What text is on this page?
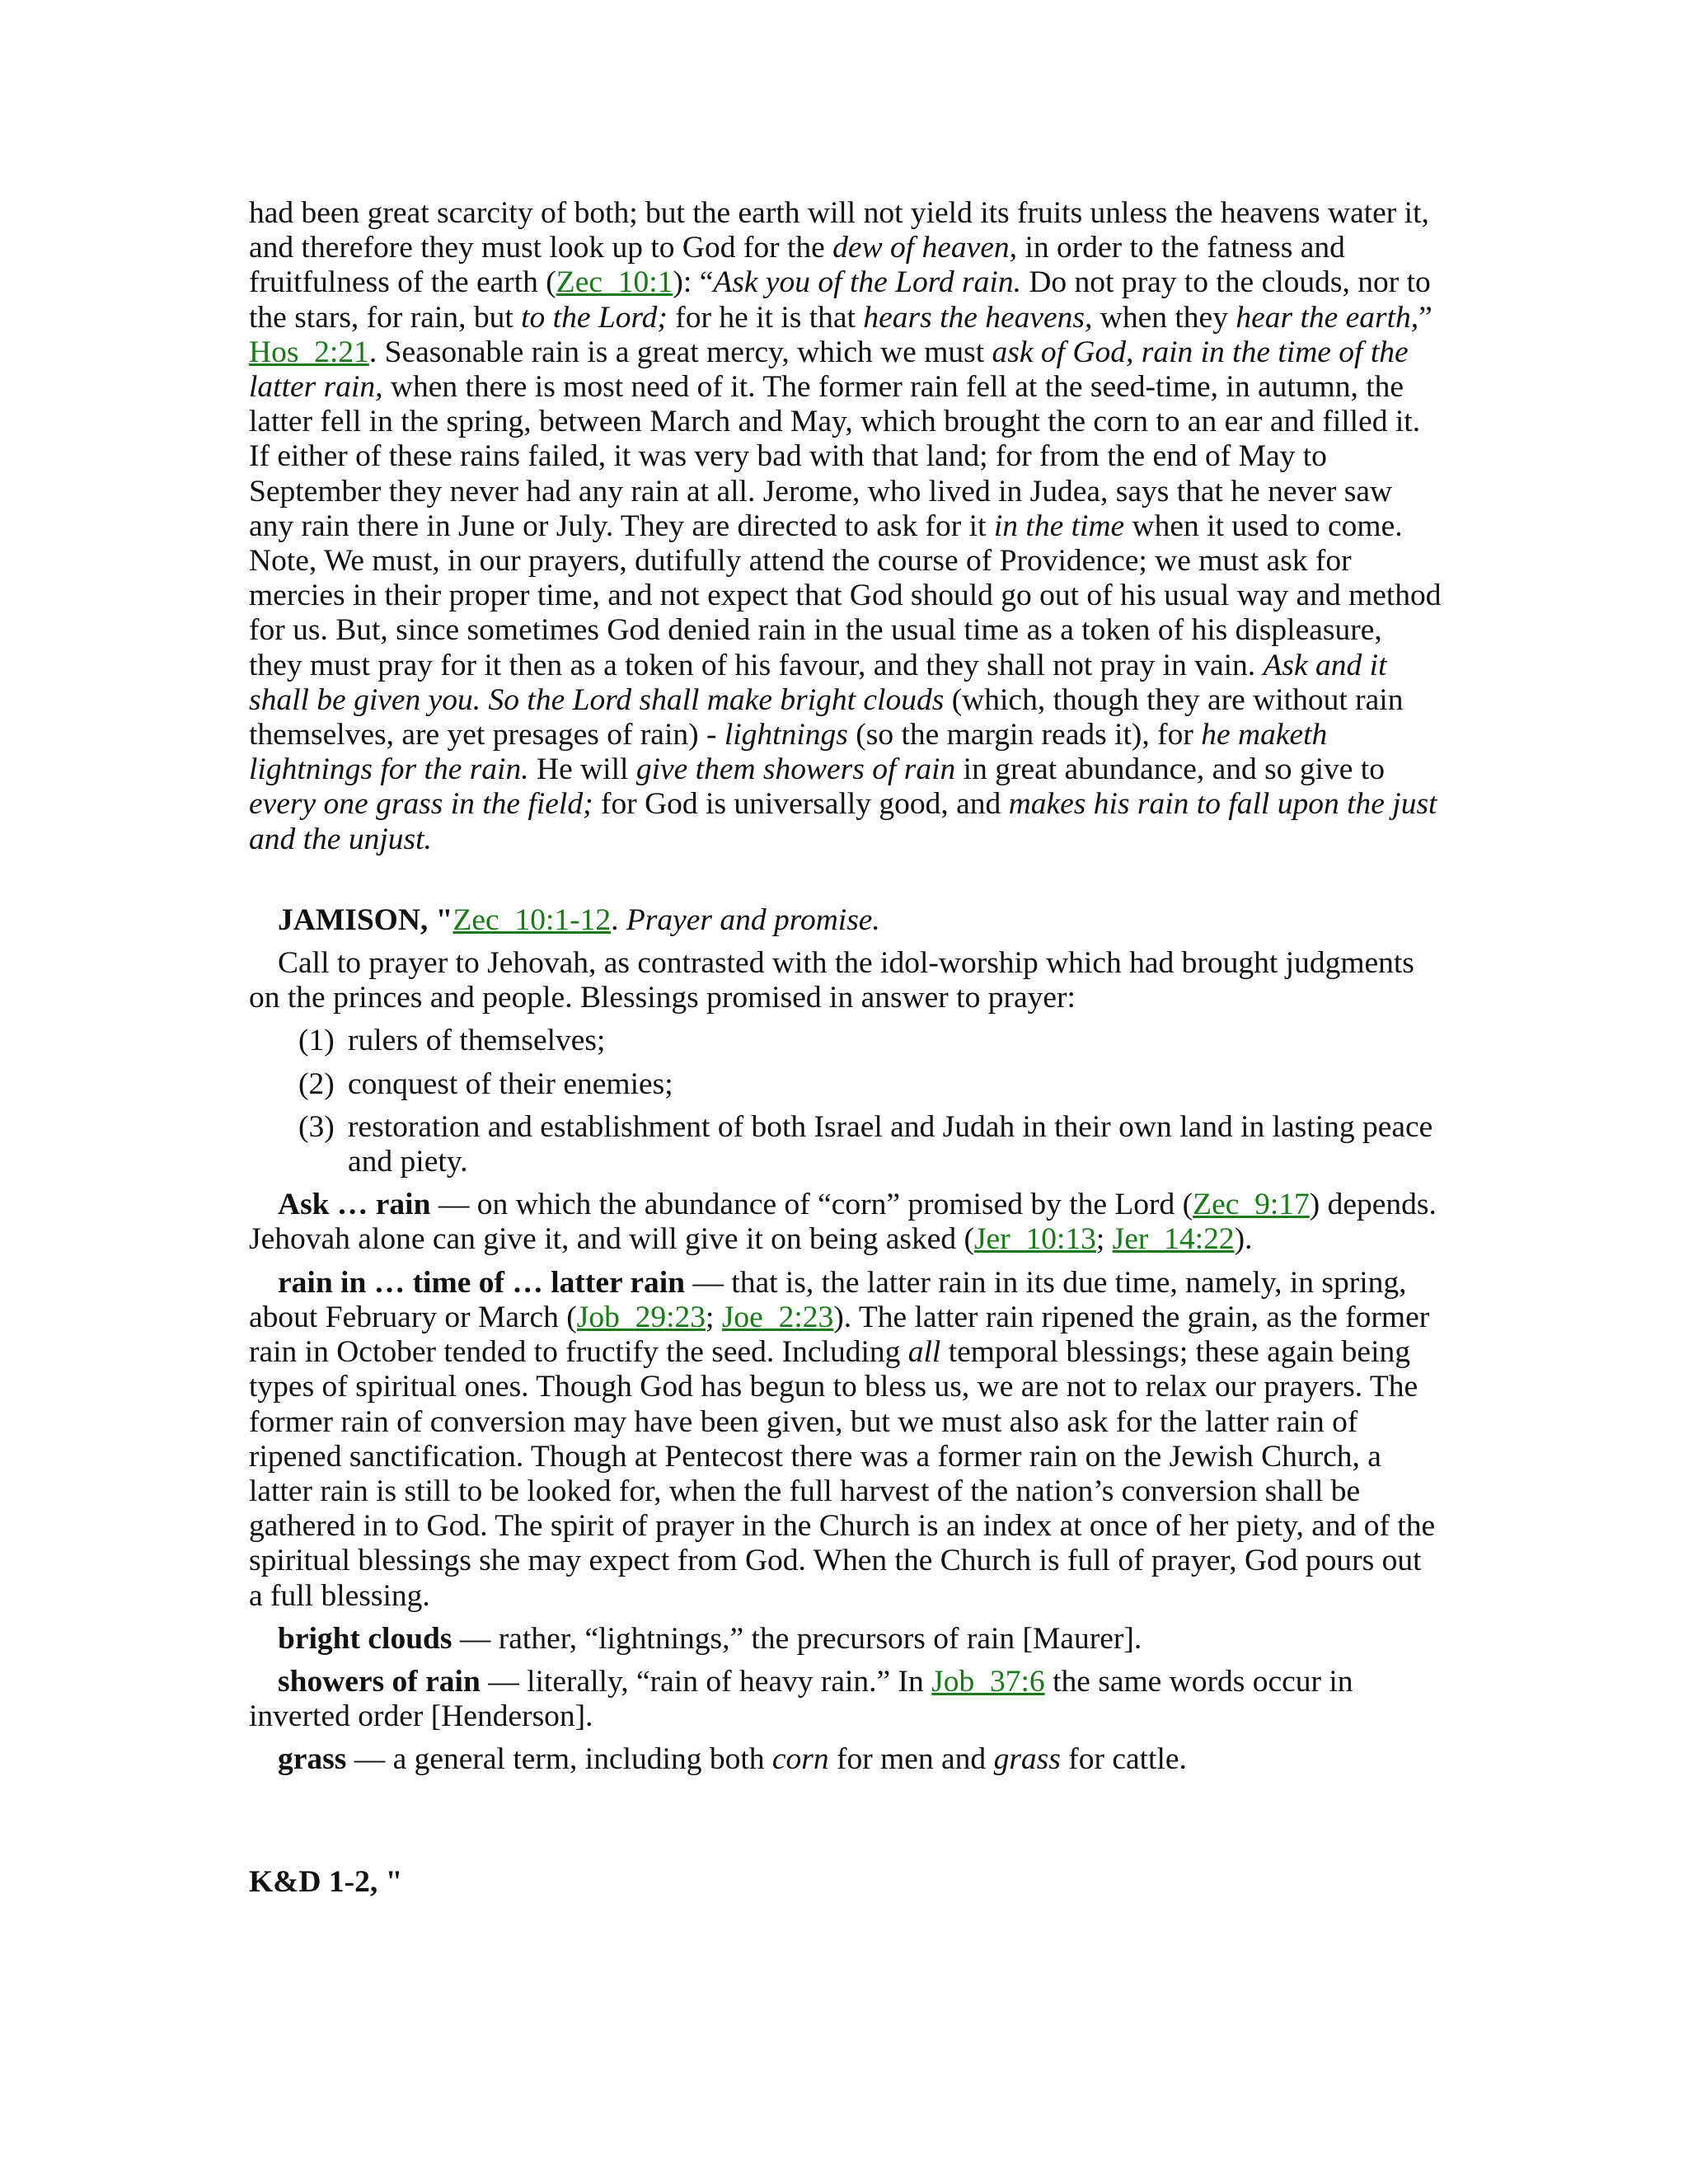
had been great scarcity of both; but the earth will not yield its fruits unless the heavens water it, and therefore they must look up to God for the dew of heaven, in order to the fatness and fruitfulness of the earth (Zec_10:1): “Ask you of the Lord rain. Do not pray to the clouds, nor to the stars, for rain, but to the Lord; for he it is that hears the heavens, when they hear the earth,” Hos_2:21. Seasonable rain is a great mercy, which we must ask of God, rain in the time of the latter rain, when there is most need of it. The former rain fell at the seed-time, in autumn, the latter fell in the spring, between March and May, which brought the corn to an ear and filled it. If either of these rains failed, it was very bad with that land; for from the end of May to September they never had any rain at all. Jerome, who lived in Judea, says that he never saw any rain there in June or July. They are directed to ask for it in the time when it used to come. Note, We must, in our prayers, dutifully attend the course of Providence; we must ask for mercies in their proper time, and not expect that God should go out of his usual way and method for us. But, since sometimes God denied rain in the usual time as a token of his displeasure, they must pray for it then as a token of his favour, and they shall not pray in vain. Ask and it shall be given you. So the Lord shall make bright clouds (which, though they are without rain themselves, are yet presages of rain) - lightnings (so the margin reads it), for he maketh lightnings for the rain. He will give them showers of rain in great abundance, and so give to every one grass in the field; for God is universally good, and makes his rain to fall upon the just and the unjust.

JAMISON, "Zec_10:1-12. Prayer and promise.

Call to prayer to Jehovah, as contrasted with the idol-worship which had brought judgments on the princes and people. Blessings promised in answer to prayer:

(1) rulers of themselves;
(2) conquest of their enemies;
(3) restoration and establishment of both Israel and Judah in their own land in lasting peace and piety.

Ask … rain — on which the abundance of “corn” promised by the Lord (Zec_9:17) depends. Jehovah alone can give it, and will give it on being asked (Jer_10:13; Jer_14:22).

rain in … time of … latter rain — that is, the latter rain in its due time, namely, in spring, about February or March (Job_29:23; Joe_2:23). The latter rain ripened the grain, as the former rain in October tended to fructify the seed. Including all temporal blessings; these again being types of spiritual ones. Though God has begun to bless us, we are not to relax our prayers. The former rain of conversion may have been given, but we must also ask for the latter rain of ripened sanctification. Though at Pentecost there was a former rain on the Jewish Church, a latter rain is still to be looked for, when the full harvest of the nation’s conversion shall be gathered in to God. The spirit of prayer in the Church is an index at once of her piety, and of the spiritual blessings she may expect from God. When the Church is full of prayer, God pours out a full blessing.

bright clouds — rather, “lightnings,” the precursors of rain [Maurer].

showers of rain — literally, “rain of heavy rain.” In Job_37:6 the same words occur in inverted order [Henderson].

grass — a general term, including both corn for men and grass for cattle.

K&D 1-2, "
